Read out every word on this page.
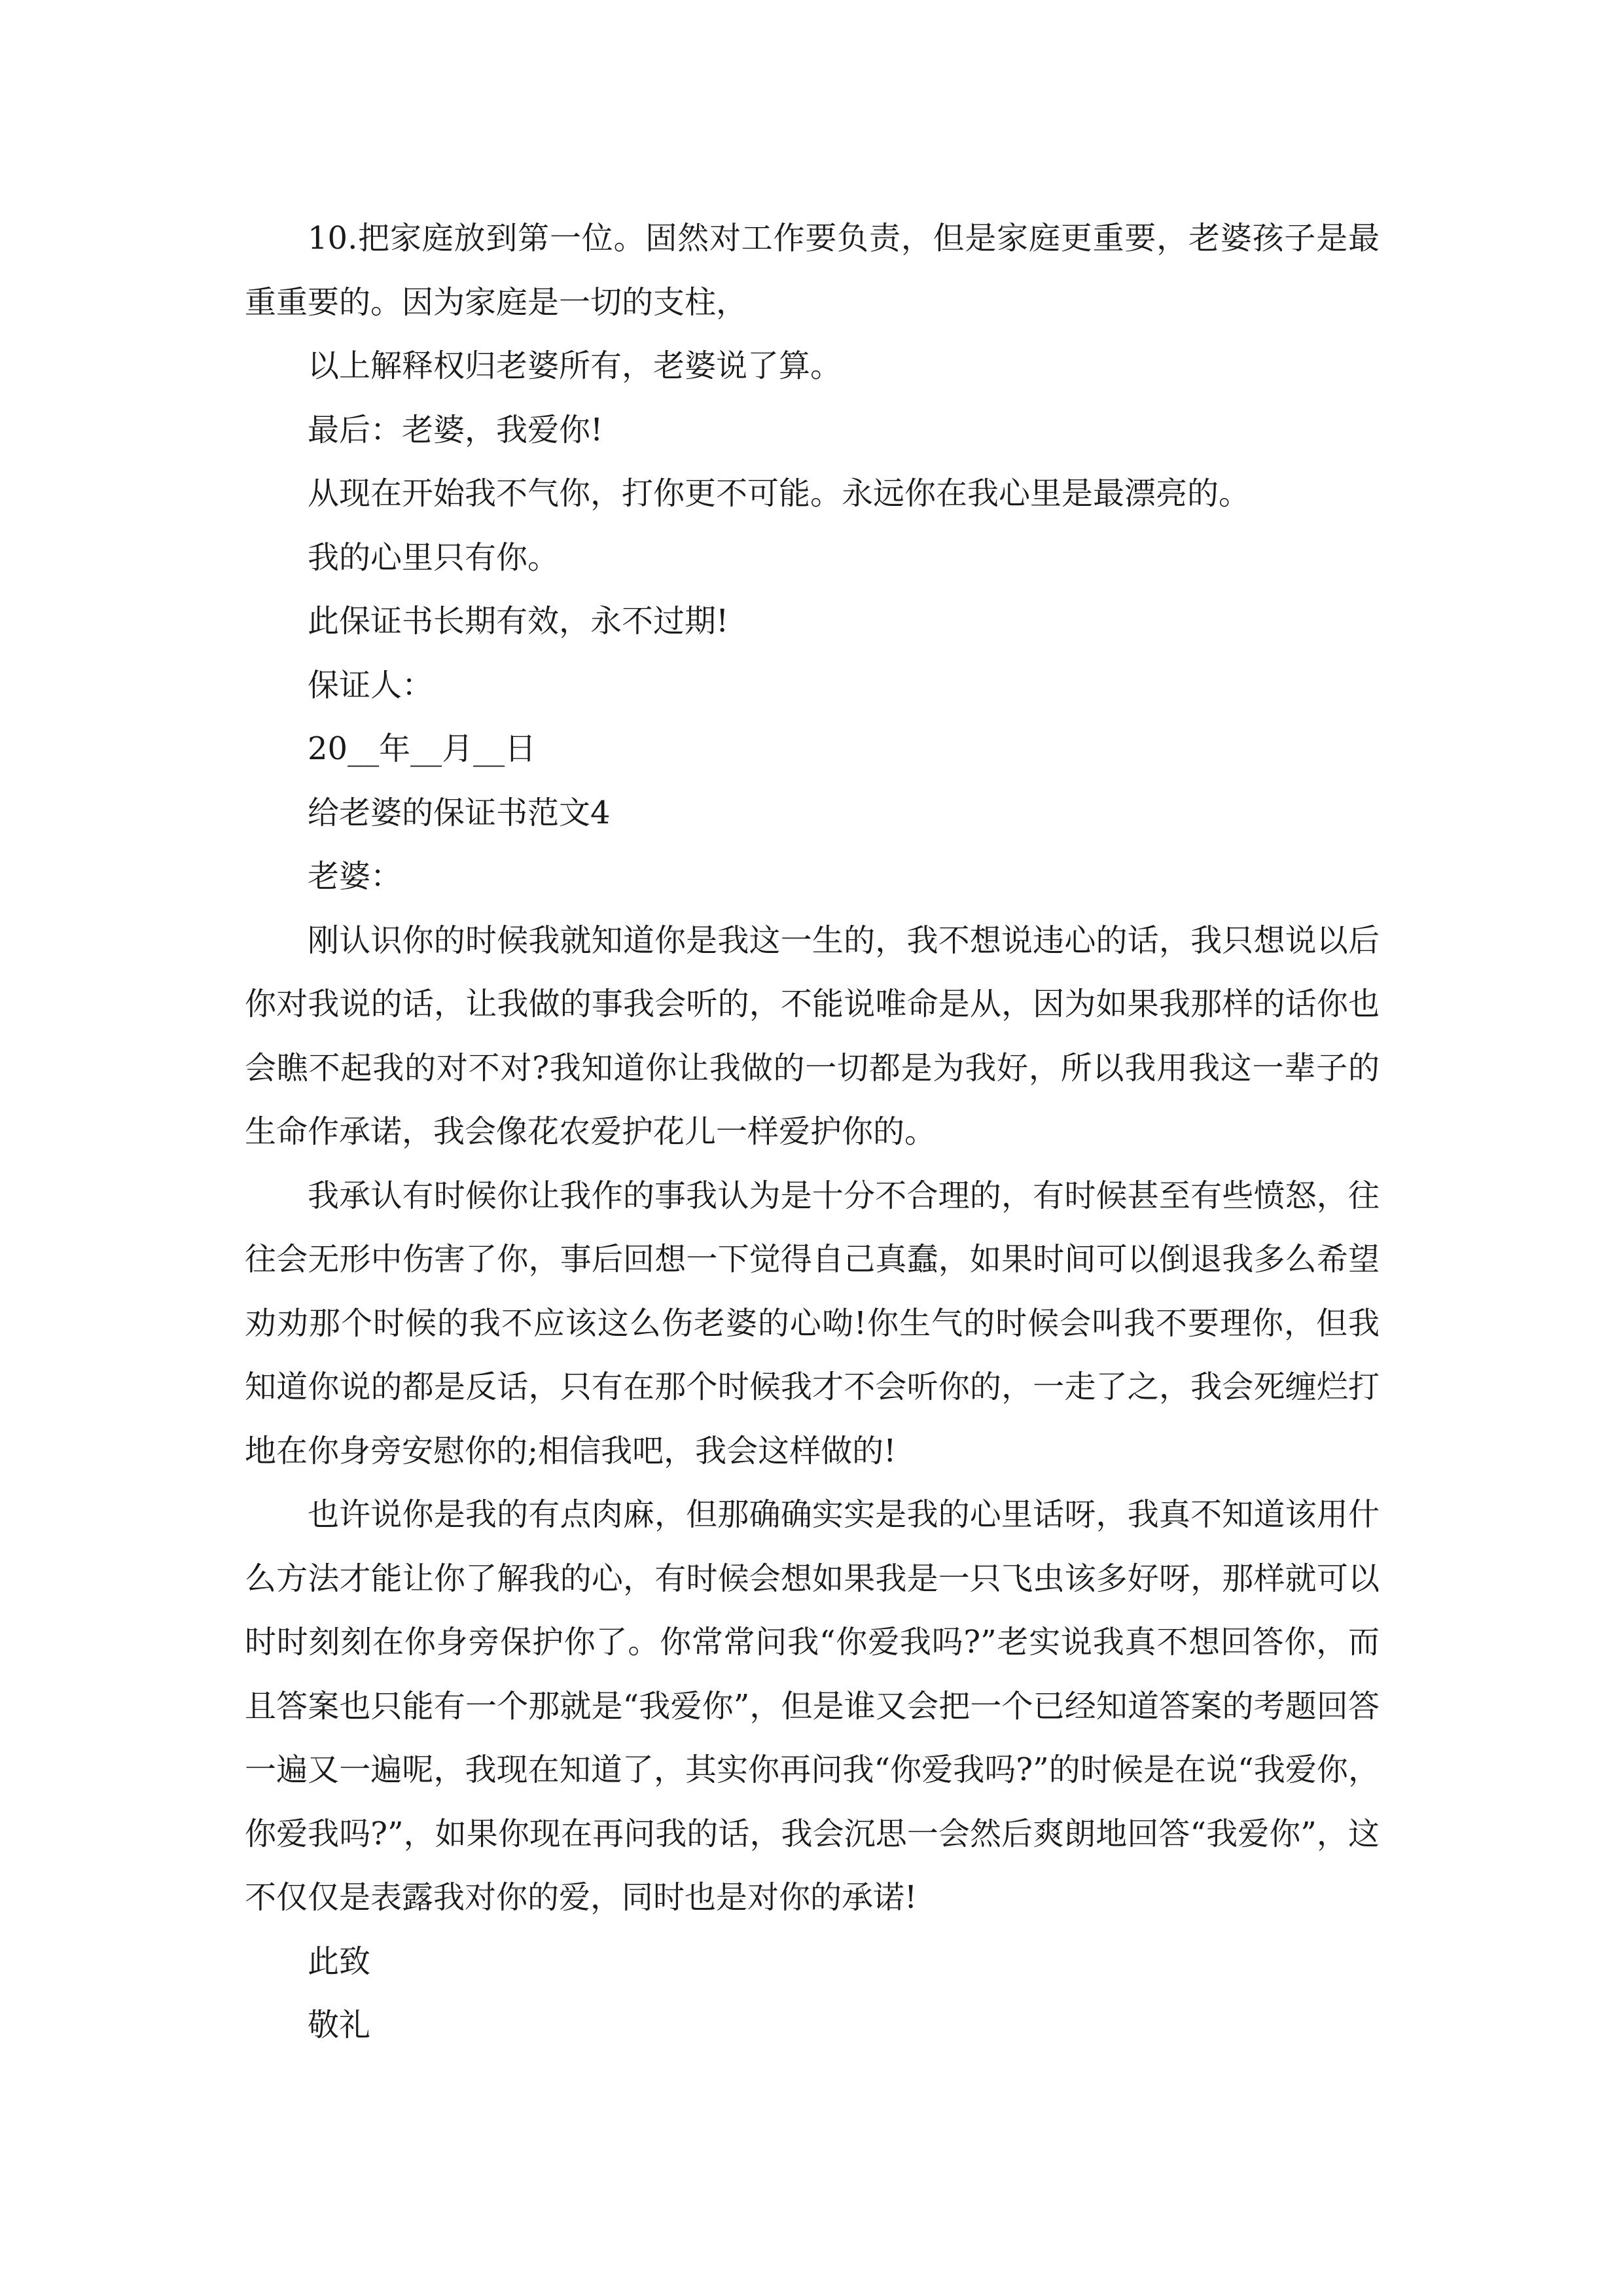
10.把家庭放到第一位。固然对工作要负责，但是家庭更重要，老婆孩子是最重重要的。因为家庭是一切的支柱，

以上解释权归老婆所有，老婆说了算。

最后：老婆，我爱你!

从现在开始我不气你，打你更不可能。永远你在我心里是最漂亮的。

我的心里只有你。

此保证书长期有效，永不过期!

保证人：

20__年__月__日

给老婆的保证书范文4

老婆：

刚认识你的时候我就知道你是我这一生的，我不想说违心的话，我只想说以后你对我说的话，让我做的事我会听的，不能说唯命是从，因为如果我那样的话你也会瞧不起我的对不对?我知道你让我做的一切都是为我好，所以我用我这一辈子的生命作承诺，我会像花农爱护花儿一样爱护你的。

我承认有时候你让我作的事我认为是十分不合理的，有时候甚至有些愤怒，往往会无形中伤害了你，事后回想一下觉得自己真蠢，如果时间可以倒退我多么希望劝劝那个时候的我不应该这么伤老婆的心呦!你生气的时候会叫我不要理你，但我知道你说的都是反话，只有在那个时候我才不会听你的，一走了之，我会死缠烂打地在你身旁安慰你的;相信我吧，我会这样做的!

也许说你是我的有点肉麻，但那确确实实是我的心里话呀，我真不知道该用什么方法才能让你了解我的心，有时候会想如果我是一只飞虫该多好呀，那样就可以时时刻刻在你身旁保护你了。你常常问我“你爱我吗?”老实说我真不想回答你，而且答案也只能有一个那就是“我爱你”，但是谁又会把一个已经知道答案的考题回答一遍又一遍呢，我现在知道了，其实你再问我“你爱我吗?”的时候是在说“我爱你，你爱我吗?”，如果你现在再问我的话，我会沉思一会然后爽朗地回答“我爱你”，这不仅仅是表露我对你的爱，同时也是对你的承诺!

此致

敬礼
